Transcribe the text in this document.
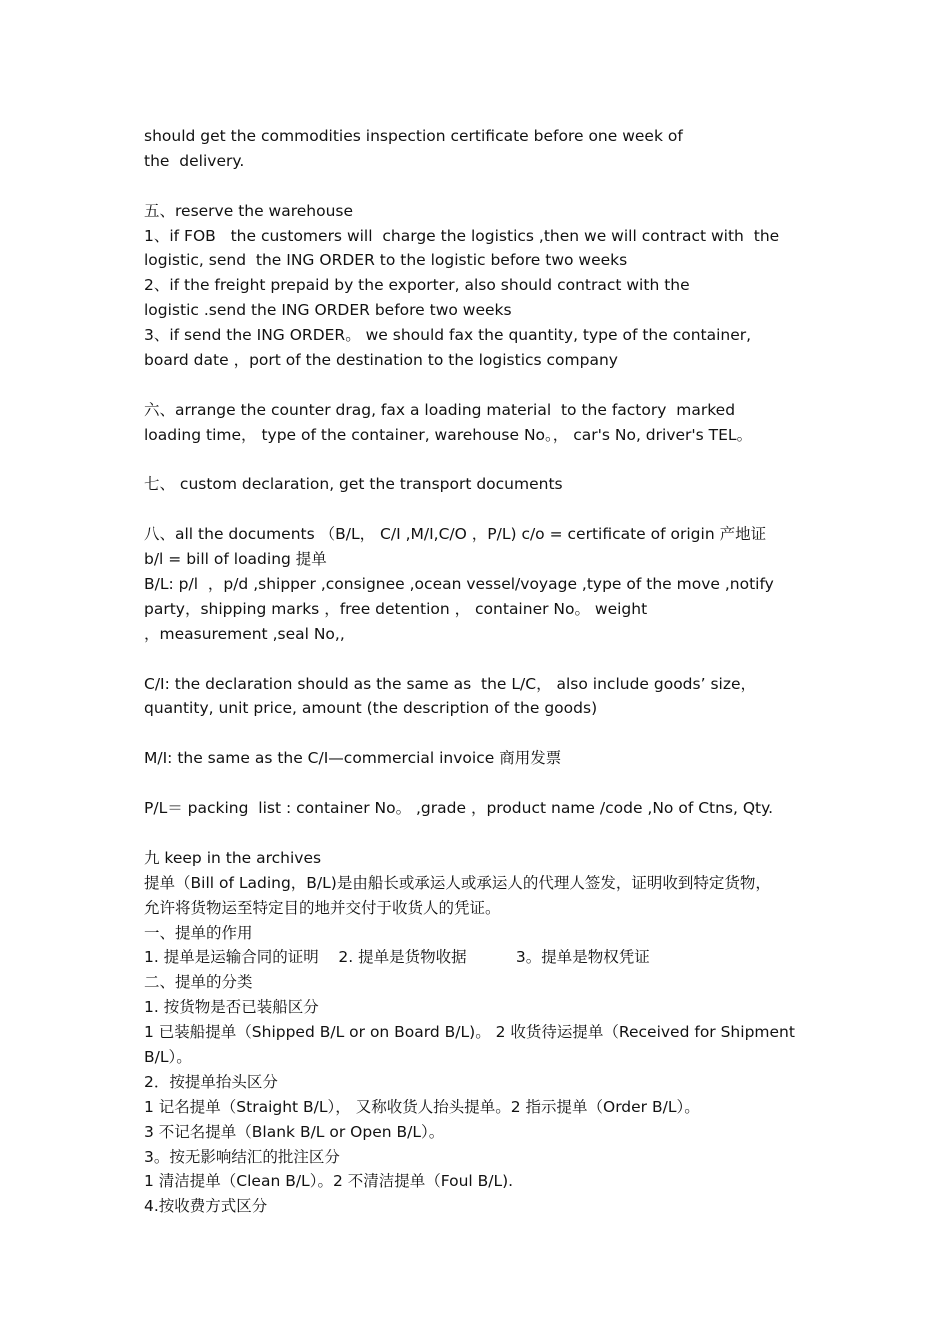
should get the commodities inspection certificate before one week of
the  delivery.
五、reserve the warehouse
1、if FOB   the customers will  charge the logistics ,then we will contract with  the
logistic, send  the ING ORDER to the logistic before two weeks
2、if the freight prepaid by the exporter, also should contract with the
logistic .send the ING ORDER before two weeks
3、if send the ING ORDER。 we should fax the quantity, type of the container,
board date ，port of the destination to the logistics company
六、arrange the counter drag, fax a loading material  to the factory  marked
loading time， type of the container, warehouse No。， car's No, driver's TEL。
七、 custom declaration, get the transport documents
八、all the documents （B/L， C/I ,M/I,C/O ，P/L) c/o = certificate of origin 产地证
b/l = bill of loading 提单
B/L: p/l  ，p/d ,shipper ,consignee ,ocean vessel/voyage ,type of the move ,notify
party，shipping marks ，free detention ， container No。 weight
，measurement ,seal No,,
C/I: the declaration should as the same as  the L/C， also include goods’ size，
quantity, unit price, amount (the description of the goods)
M/I: the same as the C/I—commercial invoice 商用发票
P/L＝ packing  list : container No。 ,grade ，product name /code ,No of Ctns, Qty.
九 keep in the archives
提单（Bill of Lading，B/L)是由船长或承运人或承运人的代理人签发，证明收到特定货物，
允许将货物运至特定目的地并交付于收货人的凭证。
一、提单的作用
1. 提单是运输合同的证明    2. 提单是货物收据          3。提单是物权凭证
二、提单的分类
1. 按货物是否已装船区分
1 已装船提单（Shipped B/L or on Board B/L)。 2 收货待运提单（Received for Shipment
B/L）。
2．按提单抬头区分
1 记名提单（Straight B/L）， 又称收货人抬头提单。2 指示提单（Order B/L）。
3 不记名提单（Blank B/L or Open B/L）。
3。按无影响结汇的批注区分
1 清洁提单（Clean B/L）。2 不清洁提单（Foul B/L).
4.按收费方式区分
